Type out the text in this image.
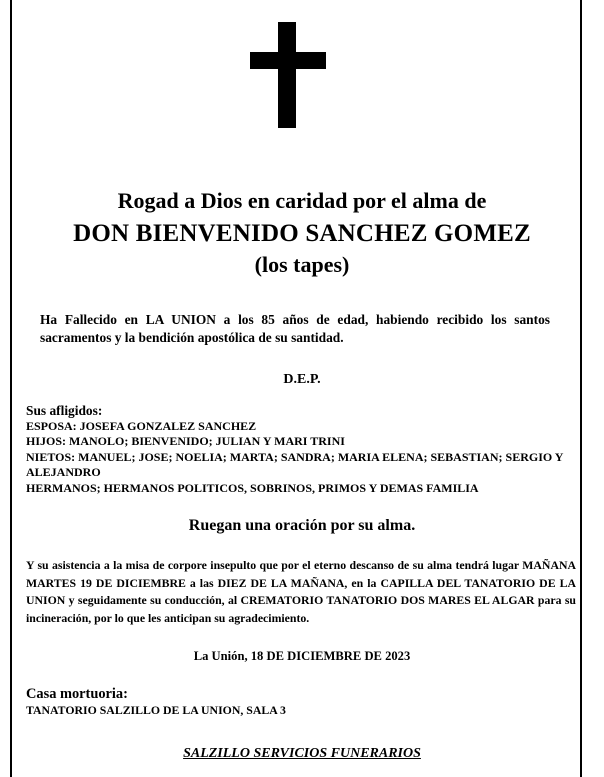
Rogad a Dios en caridad por el alma de

DON BIENVENIDO SANCHEZ GOMEZ

(los tapes)

Ha Fallecido en LA UNION a los 85 años de edad, habiendo recibido los santos sacramentos y la bendición apostólica de su santidad.

D.E.P.

Sus afligidos:
ESPOSA: JOSEFA GONZALEZ SANCHEZ
HIJOS: MANOLO; BIENVENIDO; JULIAN Y MARI TRINI
NIETOS: MANUEL; JOSE; NOELIA; MARTA; SANDRA; MARIA ELENA; SEBASTIAN; SERGIO Y ALEJANDRO
HERMANOS; HERMANOS POLITICOS, SOBRINOS, PRIMOS Y DEMAS FAMILIA

Ruegan una oración por su alma.

Y su asistencia a la misa de corpore insepulto que por el eterno descanso de su alma tendrá lugar MAÑANA MARTES 19 DE DICIEMBRE a las DIEZ DE LA MAÑANA, en la CAPILLA DEL TANATORIO DE LA UNION y seguidamente su conducción, al CREMATORIO TANATORIO DOS MARES EL ALGAR para su incineración, por lo que les anticipan su agradecimiento.

La Unión, 18 DE DICIEMBRE DE 2023

Casa mortuoria:

TANATORIO SALZILLO DE LA UNION, SALA 3

SALZILLO SERVICIOS FUNERARIOS
